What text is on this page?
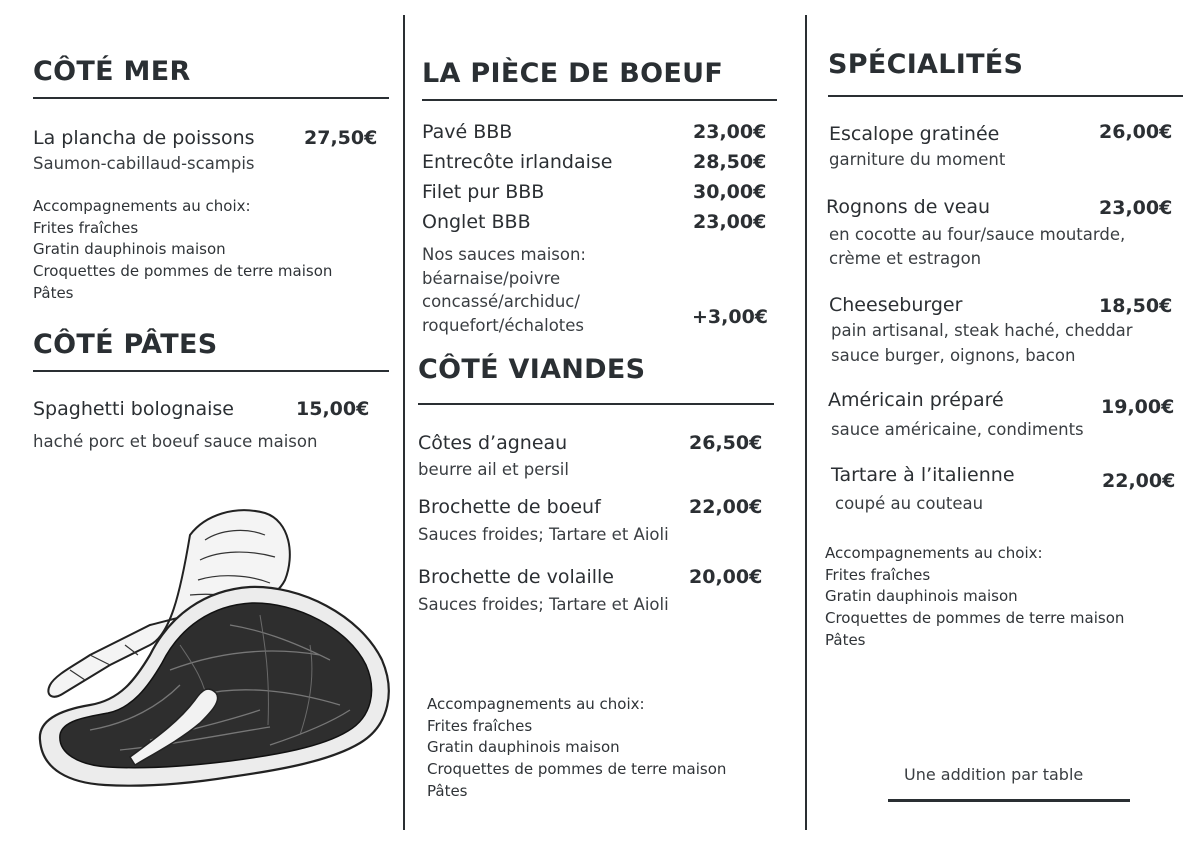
CÔTÉ MER
La plancha de poissons	27,50€
Saumon-cabillaud-scampis
Accompagnements au choix:
Frites fraîches
Gratin dauphinois maison
Croquettes de pommes de terre maison
Pâtes
CÔTÉ PÂTES
Spaghetti bolognaise	15,00€
haché porc et boeuf sauce maison
LA PIÈCE DE BOEUF
Pavé BBB	23,00€
Entrecôte irlandaise	28,50€
Filet pur BBB	30,00€
Onglet BBB	23,00€
Nos sauces maison:
béarnaise/poivre
concassé/archiduc/
roquefort/échalotes	+3,00€
CÔTÉ VIANDES
Côtes d’agneau	26,50€
beurre ail et persil
Brochette de boeuf	22,00€
Sauces froides; Tartare et Aioli
Brochette de volaille	20,00€
Sauces froides; Tartare et Aioli
Accompagnements au choix:
Frites fraîches
Gratin dauphinois maison
Croquettes de pommes de terre maison
Pâtes
SPÉCIALITÉS
Escalope gratinée	26,00€
garniture du moment
Rognons de veau	23,00€
en cocotte au four/sauce moutarde,
crème et estragon
Cheeseburger	18,50€
pain artisanal, steak haché, cheddar
sauce burger, oignons, bacon
Américain préparé	19,00€
sauce américaine, condiments
Tartare à l’italienne	22,00€
coupé au couteau
Accompagnements au choix:
Frites fraîches
Gratin dauphinois maison
Croquettes de pommes de terre maison
Pâtes
Une addition par table
